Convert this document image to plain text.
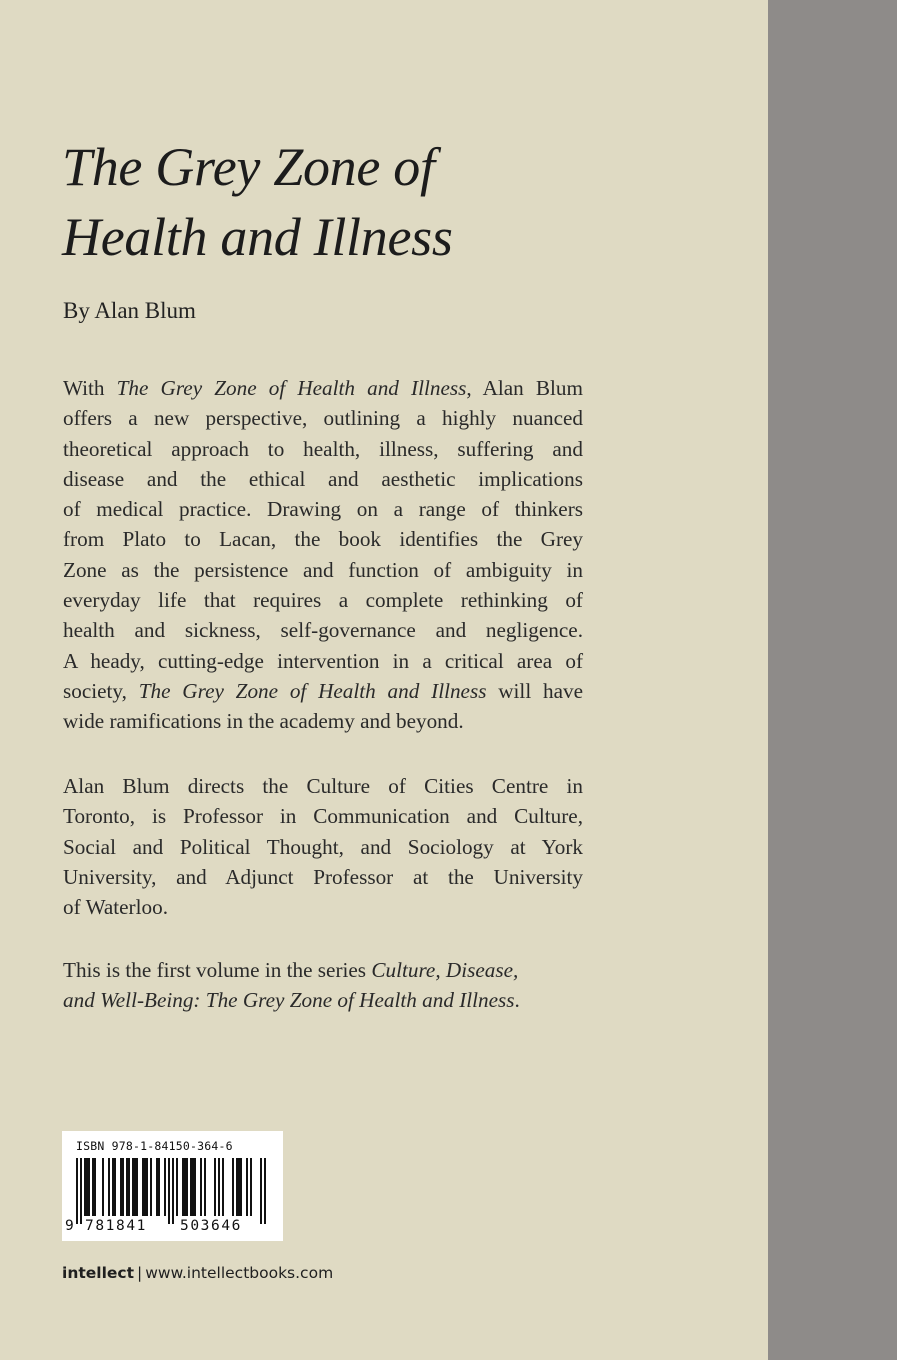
The Grey Zone of
Health and Illness
By Alan Blum

With The Grey Zone of Health and Illness, Alan Blum
offers a new perspective, outlining a highly nuanced
theoretical approach to health, illness, suffering and
disease and the ethical and aesthetic implications
of medical practice. Drawing on a range of thinkers
from Plato to Lacan, the book identifies the Grey
Zone as the persistence and function of ambiguity in
everyday life that requires a complete rethinking of
health and sickness, self-governance and negligence.
A heady, cutting-edge intervention in a critical area of
society, The Grey Zone of Health and Illness will have
wide ramifications in the academy and beyond.

Alan Blum directs the Culture of Cities Centre in
Toronto, is Professor in Communication and Culture,
Social and Political Thought, and Sociology at York
University, and Adjunct Professor at the University
of Waterloo.

This is the first volume in the series Culture, Disease,
and Well-Being: The Grey Zone of Health and Illness.

ISBN 978-1-84150-364-6
9 781841 503646
intellect | www.intellectbooks.com
